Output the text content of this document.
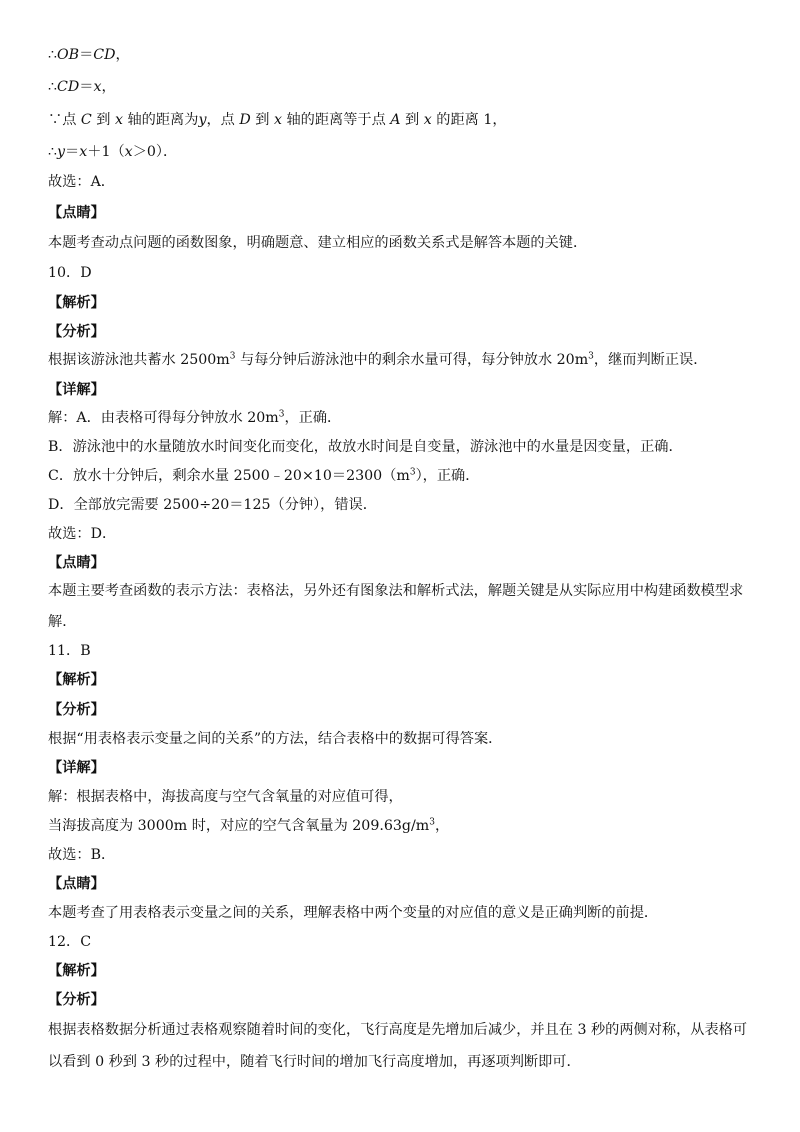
∴OB＝CD，
∴CD＝x，
∵点 C 到 x 轴的距离为y，点 D 到 x 轴的距离等于点 A 到 x 的距离 1，
∴y＝x＋1（x＞0）．
故选：A．
【点睛】
本题考查动点问题的函数图象，明确题意、建立相应的函数关系式是解答本题的关键．
10．D
【解析】
【分析】
根据该游泳池共蓄水 $2500m^3$ 与每分钟后游泳池中的剩余水量可得，每分钟放水 $20m^3$，继而判断正误．
【详解】
解：A．由表格可得每分钟放水 $20m^3$，正确．
B．游泳池中的水量随放水时间变化而变化，故放水时间是自变量，游泳池中的水量是因变量，正确．
C．放水十分钟后，剩余水量 $2500﹣20\times 10=2300(m^3)$，正确．
D．全部放完需要 2500÷20＝125（分钟），错误．
故选：D．
【点睛】
本题主要考查函数的表示方法：表格法，另外还有图象法和解析式法，解题关键是从实际应用中构建函数模型求
解．
11．B
【解析】
【分析】
根据“用表格表示变量之间的关系”的方法，结合表格中的数据可得答案．
【详解】
解：根据表格中，海拔高度与空气含氧量的对应值可得，
当海拔高度为 3000m 时，对应的空气含氧量为 $209.63g/m^3$，
故选：B．
【点睛】
本题考查了用表格表示变量之间的关系，理解表格中两个变量的对应值的意义是正确判断的前提．
12．C
【解析】
【分析】
根据表格数据分析通过表格观察随着时间的变化，飞行高度是先增加后减少，并且在 3 秒的两侧对称，从表格可
以看到 0 秒到 3 秒的过程中，随着飞行时间的增加飞行高度增加，再逐项判断即可．
